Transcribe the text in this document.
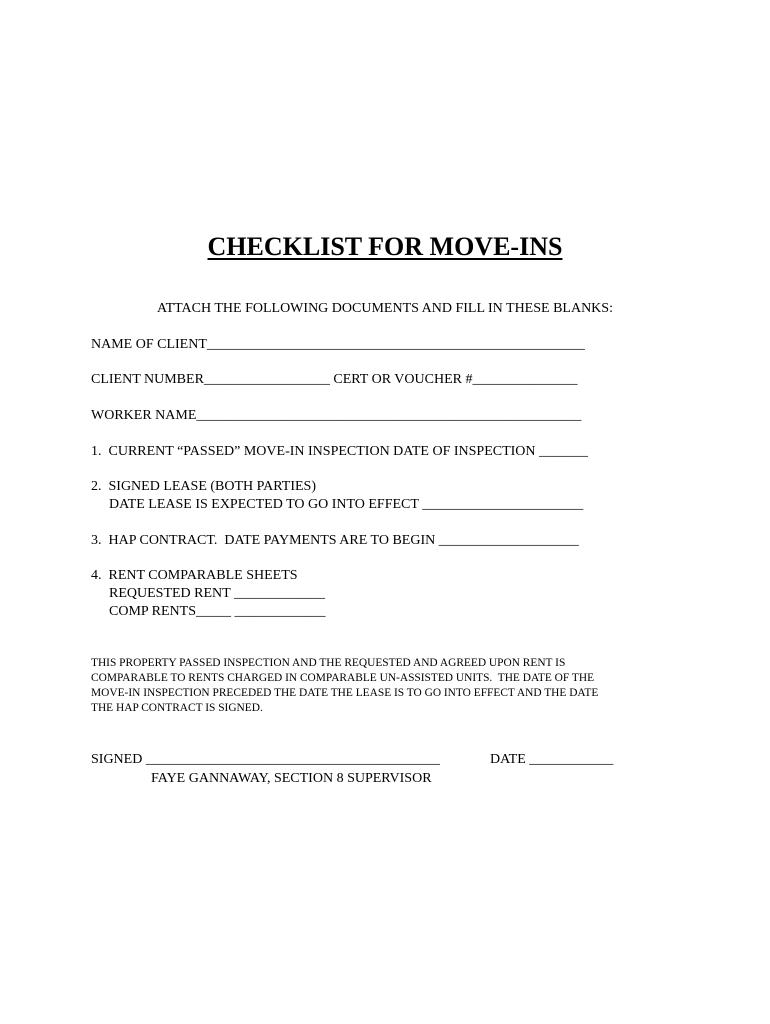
CHECKLIST FOR MOVE-INS
ATTACH THE FOLLOWING DOCUMENTS AND FILL IN THESE BLANKS:
NAME OF CLIENT______________________________________________________
CLIENT NUMBER__________________ CERT OR VOUCHER #_______________
WORKER NAME_______________________________________________________
1.  CURRENT “PASSED” MOVE-IN INSPECTION DATE OF INSPECTION _______
2.  SIGNED LEASE (BOTH PARTIES)
DATE LEASE IS EXPECTED TO GO INTO EFFECT _______________________
3.  HAP CONTRACT.  DATE PAYMENTS ARE TO BEGIN ____________________
4.  RENT COMPARABLE SHEETS
REQUESTED RENT _____________
COMP RENTS_____ _____________
THIS PROPERTY PASSED INSPECTION AND THE REQUESTED AND AGREED UPON RENT IS
COMPARABLE TO RENTS CHARGED IN COMPARABLE UN-ASSISTED UNITS.  THE DATE OF THE
MOVE-IN INSPECTION PRECEDED THE DATE THE LEASE IS TO GO INTO EFFECT AND THE DATE
THE HAP CONTRACT IS SIGNED.
SIGNED __________________________________________	DATE ____________
FAYE GANNAWAY, SECTION 8 SUPERVISOR
